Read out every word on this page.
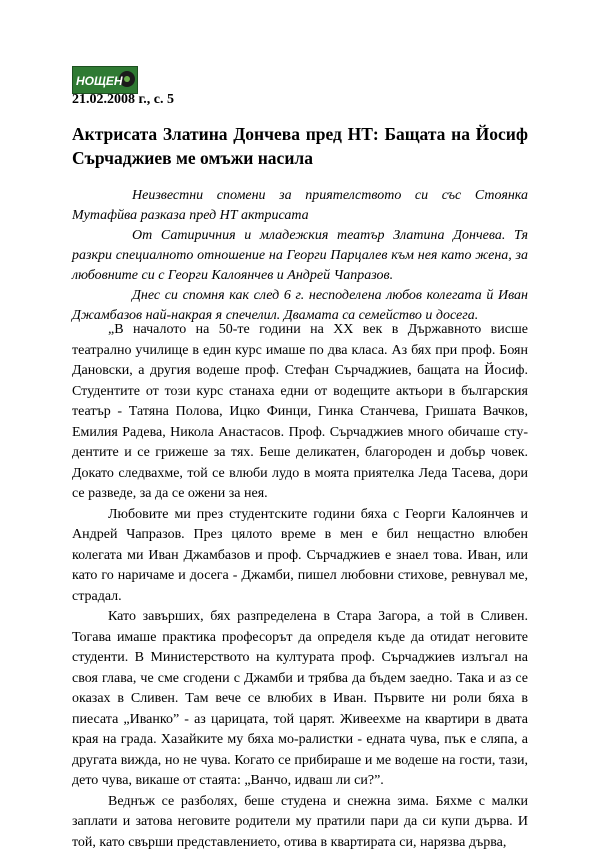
НОЩЕН
21.02.2008 г., с. 5
Актрисата Златина Дончева пред НТ: Бащата на Йосиф Сърчаджиев ме омъжи насила

Неизвестни спомени за приятелството си със Стоянка Мутафйва разказа пред НТ актрисата

От Сатиричния и младежкия театър Златина Дончева. Тя разкри специалното отношение на Георги Парцалев към нея като жена, за любовните си с Георги Калоянчев и Андрей Чапразов.

Днес си спомня как след 6 г. несподелена любов колегата й Иван Джамбазов най-накрая я спечелил. Двамата са семейство и досега.

„В началото на 50-те години на XX век в Държавното висше театрално училище в един курс имаше по два класа. Аз бях при проф. Боян Дановски, а другия водеше проф. Стефан Сърчаджиев, бащата на Йосиф. Студентите от този курс станаха едни от водещите актьори в българския театър - Татяна Полова, Ицко Финци, Гинка Станчева, Гришата Вачков, Емилия Радева, Никола Анастасов. Проф. Сърчаджиев много обичаше сту-дентите и се грижеше за тях. Беше деликатен, благороден и добър човек. Докато следвахме, той се влюби лудо в моята приятелка Леда Тасева, дори се разведе, за да се ожени за нея.

Любовите ми през студентските години бяха с Георги Калоянчев и Андрей Чапразов. През цялото време в мен е бил нещастно влюбен колегата ми Иван Джамбазов и проф. Сърчаджиев е знаел това. Иван, или като го наричаме и досега - Джамби, пишел любовни стихове, ревнувал ме, страдал.

Като завърших, бях разпределена в Стара Загора, а той в Сливен. Тогава имаше практика професорът да определя къде да отидат неговите студенти. В Министерството на културата проф. Сърчаджиев излъгал на своя глава, че сме сгодени с Джамби и трябва да бъдем заедно. Така и аз се оказах в Сливен. Там вече се влюбих в Иван. Първите ни роли бяха в пиесата „Иванко” - аз царицата, той царят. Живеехме на квартири в двата края на града. Хазайките му бяха мо-ралистки - едната чува, пък е сляпа, а другата вижда, но не чува. Когато се прибираше и ме водеше на гости, тази, дето чува, викаше от стаята: „Ванчо, идваш ли си?”.

Веднъж се разболях, беше студена и снежна зима. Бяхме с малки заплати и затова неговите родители му пратили пари да си купи дърва. И той, като свърши представлението, отива в квартирата си, нарязва дърва,
